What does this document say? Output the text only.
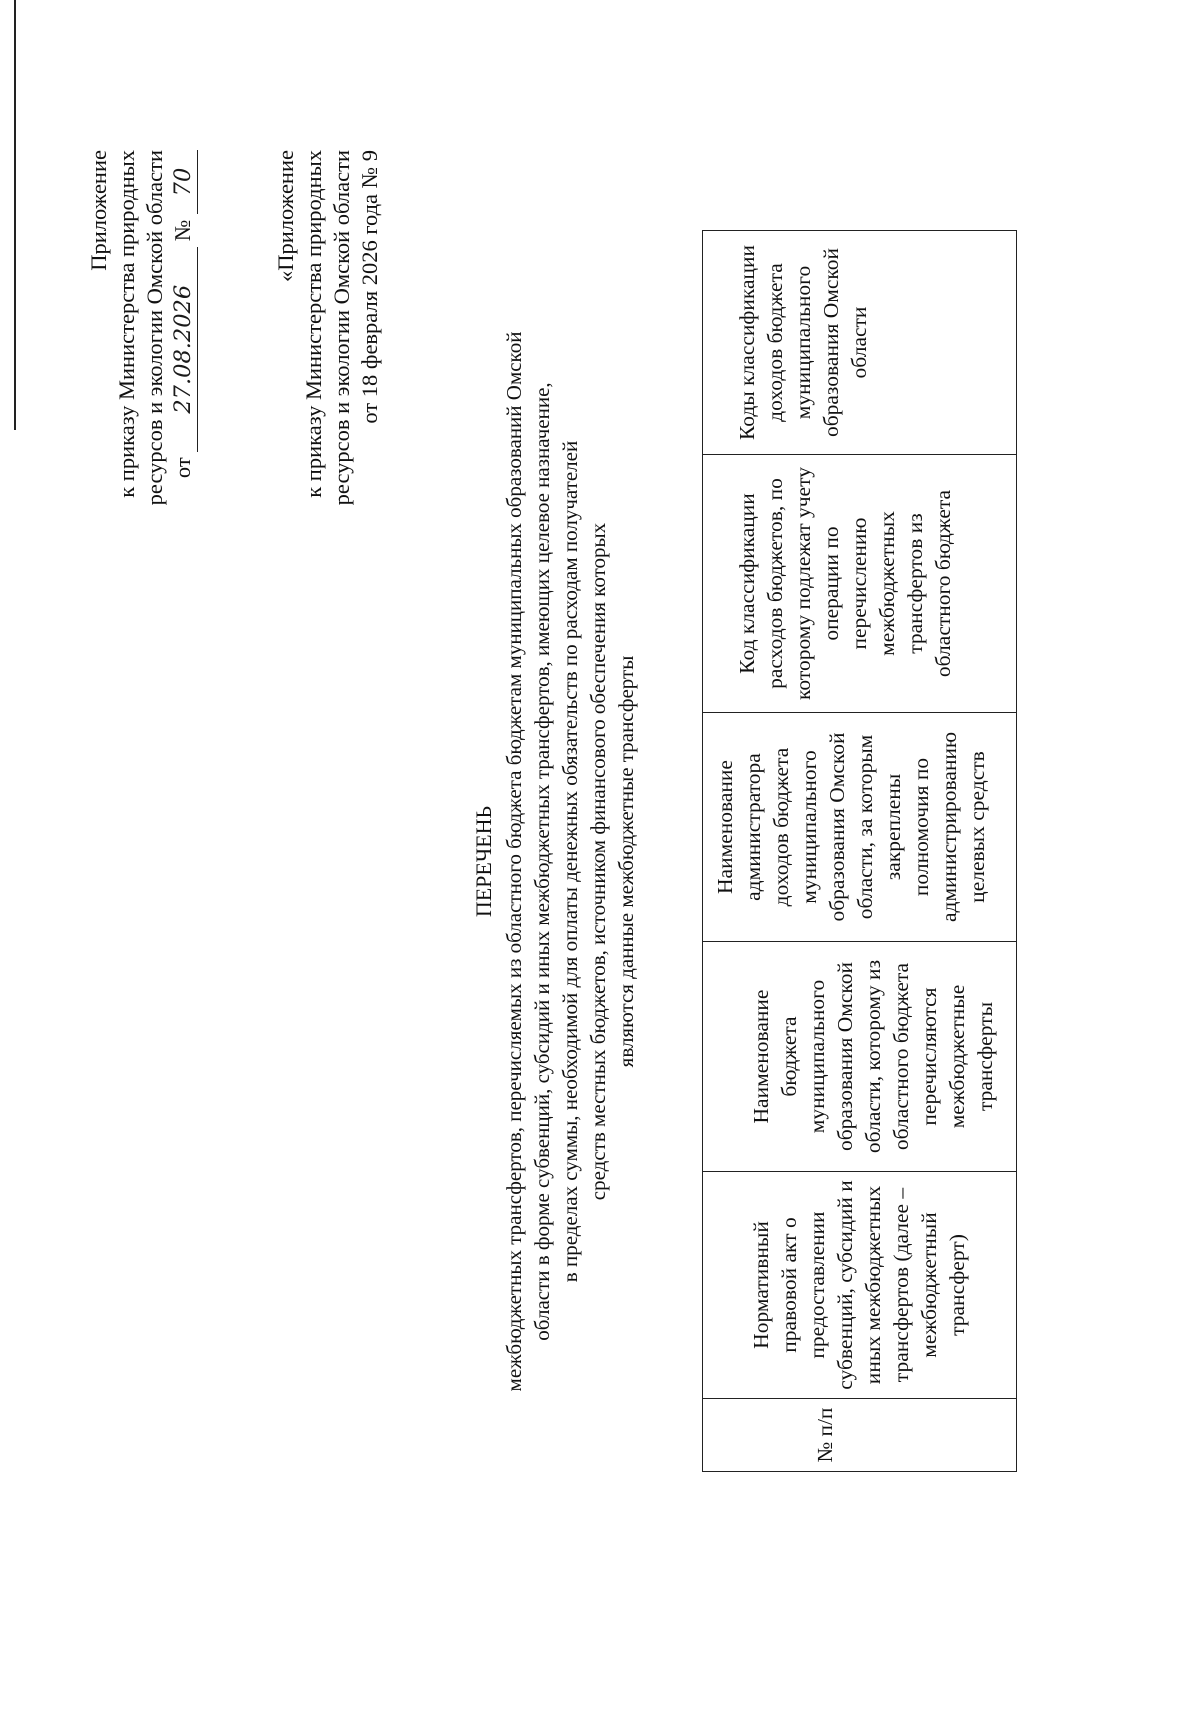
Приложение к приказу Министерства природных ресурсов и экологии Омской области от 27.08.2026 № 70	«Приложение к приказу Министерства природных ресурсов и экологии Омской области от 18 февраля 2026 года № 9
ПЕРЕЧЕНЬ межбюджетных трансфертов, перечисляемых из областного бюджета бюджетам муниципальных образований Омской области в форме субвенций, субсидий и иных межбюджетных трансфертов, имеющих целевое назначение, в пределах суммы, необходимой для оплаты денежных обязательств по расходам получателей средств местных бюджетов, источником финансового обеспечения которых являются данные межбюджетные трансферты
№ п/п	Нормативный правовой акт о предоставлении субвенций, субсидий и иных межбюджетных трансфертов (далее – межбюджетный трансферт)	Наименование бюджета муниципального образования Омской области, которому из областного бюджета перечисляются межбюджетные трансферты	Наименование администратора доходов бюджета муниципального образования Омской области, за которым закреплены полномочия по администрированию целевых средств	Код классификации расходов бюджетов, по которому подлежат учету операции по перечислению межбюджетных трансфертов из областного бюджета	Коды классификации доходов бюджета муниципального образования Омской области
